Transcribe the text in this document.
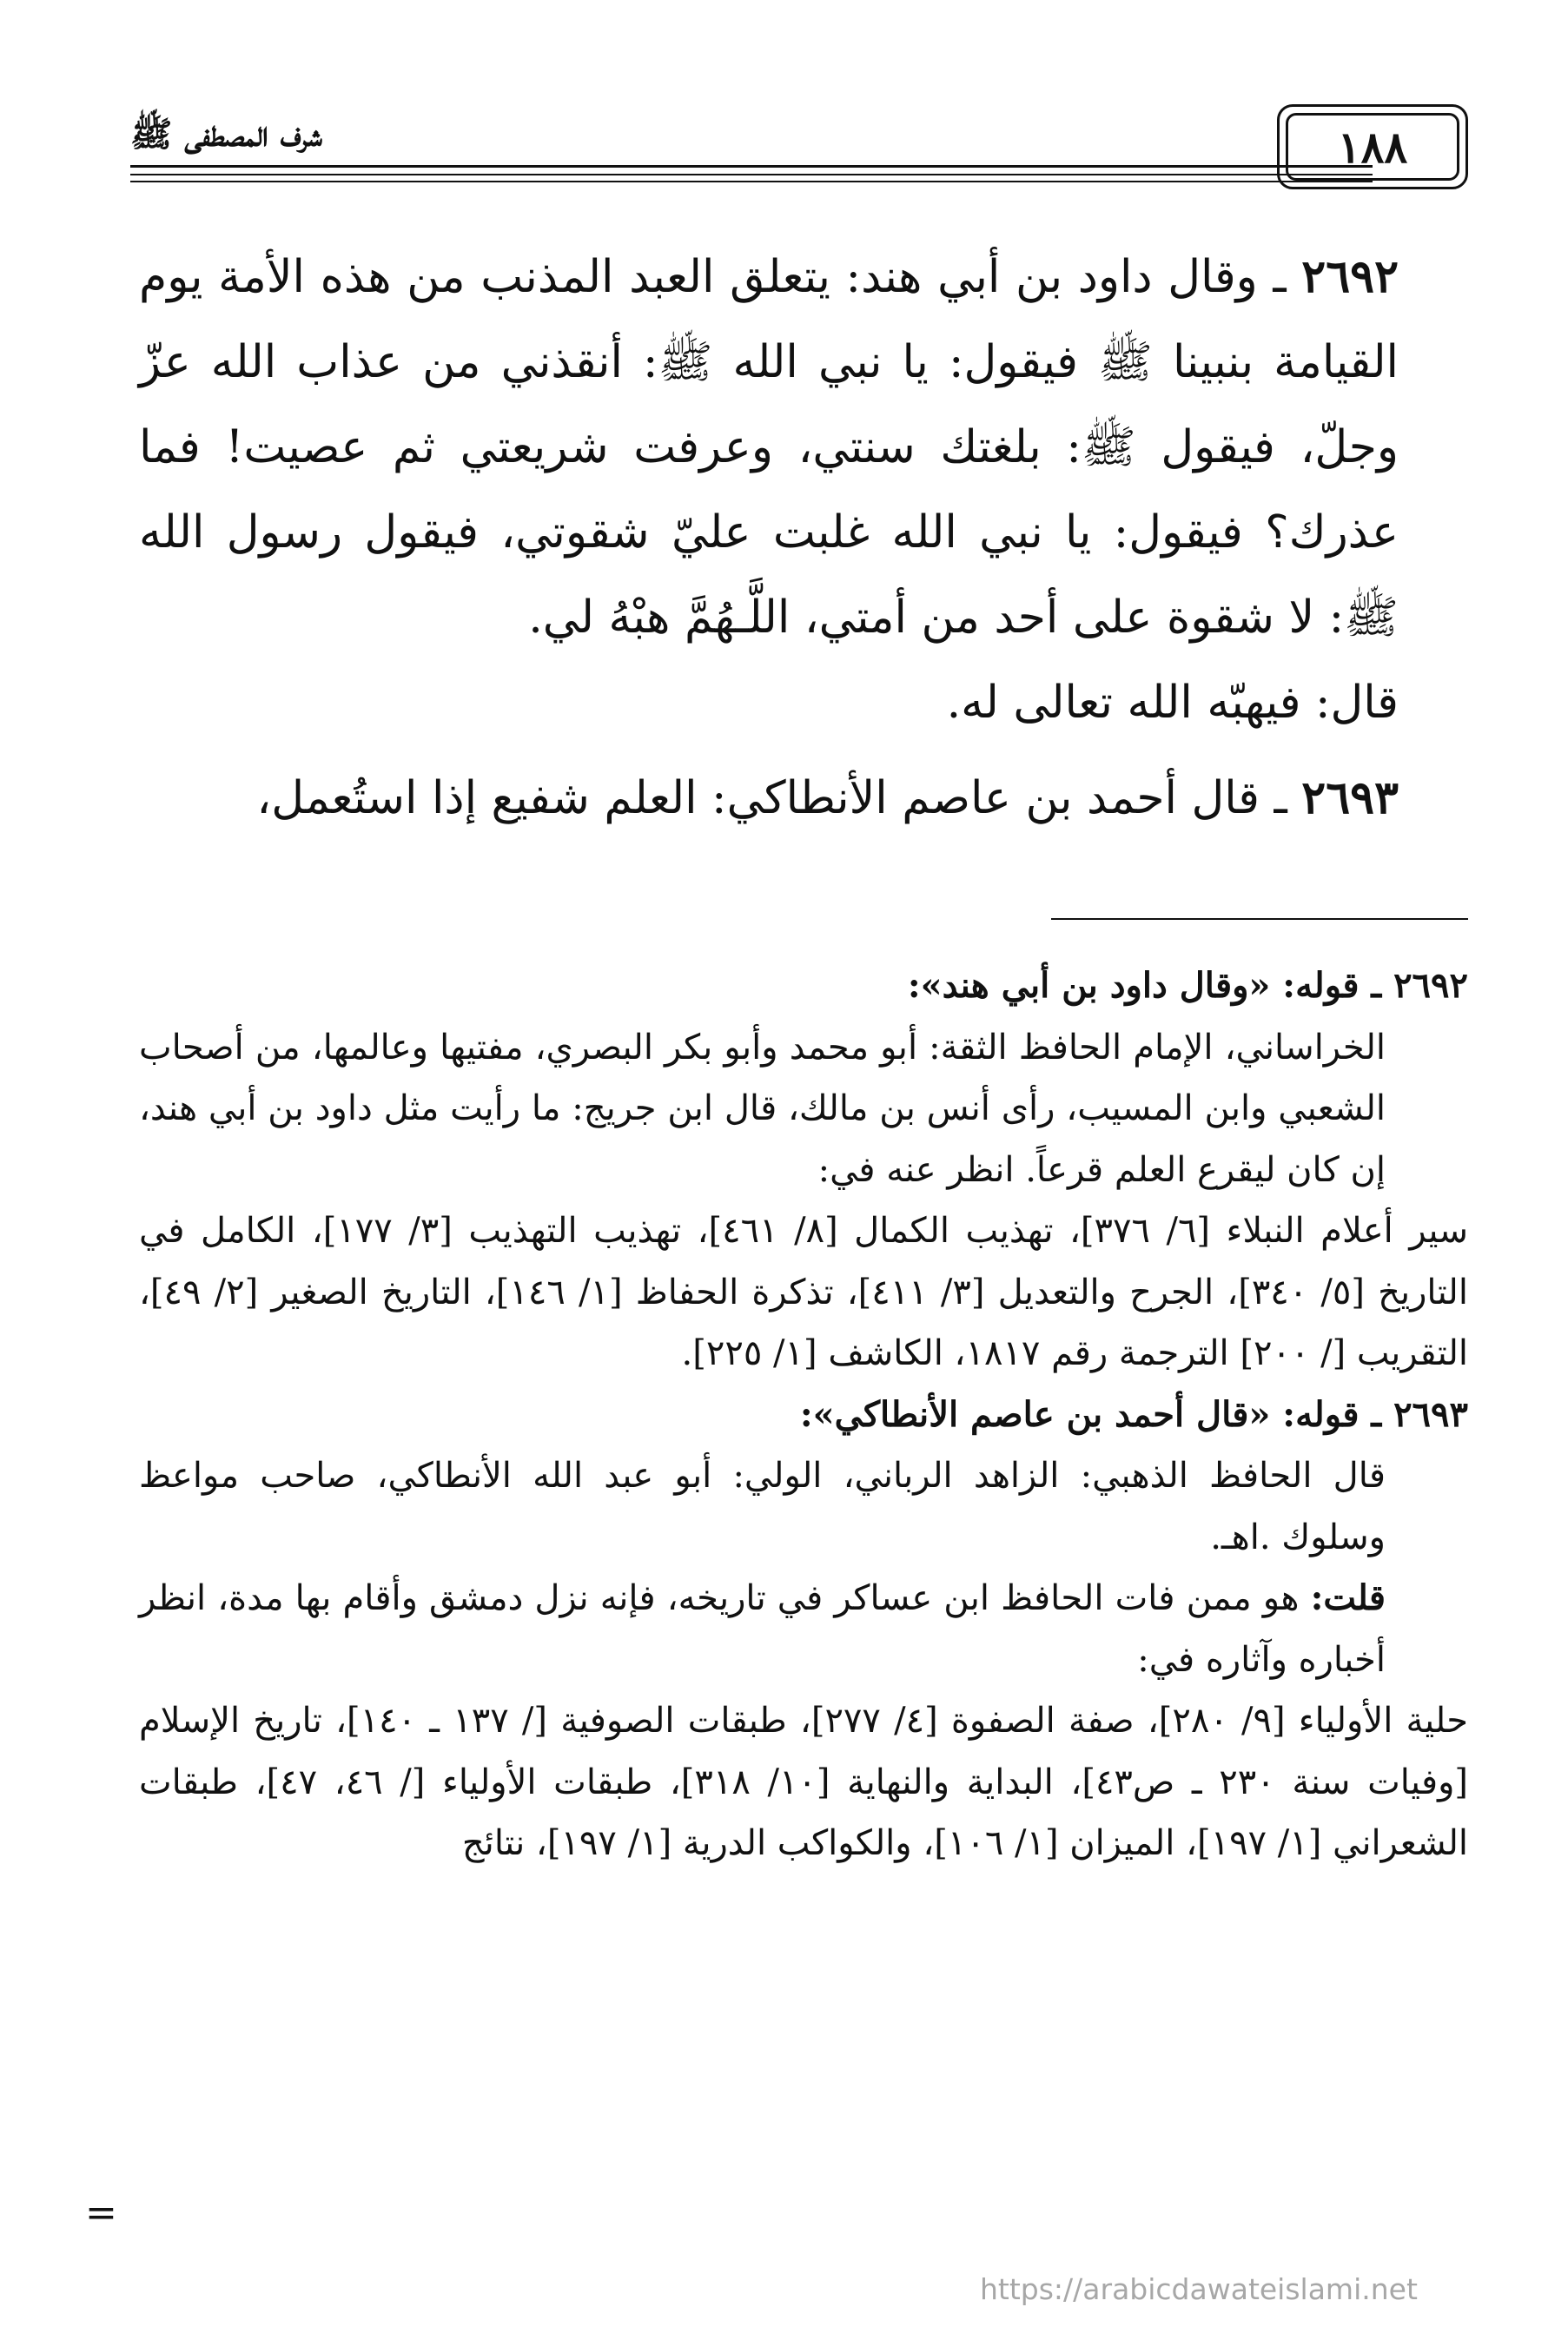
شرف المصطفى ﷺ	١٨٨

٢٦٩٢ ـ وقال داود بن أبي هند: يتعلق العبد المذنب من هذه الأمة يوم القيامة بنبينا ﷺ فيقول: يا نبي الله ﷺ: أنقذني من عذاب الله عزّ وجلّ، فيقول ﷺ: بلغتك سنتي، وعرفت شريعتي ثم عصيت! فما عذرك؟ فيقول: يا نبي الله غلبت عليّ شقوتي، فيقول رسول الله ﷺ: لا شقوة على أحد من أمتي، اللَّـهُمَّ هبْهُ لي.

قال: فيهبّه الله تعالى له.

٢٦٩٣ ـ قال أحمد بن عاصم الأنطاكي: العلم شفيع إذا استُعمل،

٢٦٩٢ ـ قوله: «وقال داود بن أبي هند»:

الخراساني، الإمام الحافظ الثقة: أبو محمد وأبو بكر البصري، مفتيها وعالمها، من أصحاب الشعبي وابن المسيب، رأى أنس بن مالك، قال ابن جريج: ما رأيت مثل داود بن أبي هند، إن كان ليقرع العلم قرعاً. انظر عنه في:

سير أعلام النبلاء [٦/ ٣٧٦]، تهذيب الكمال [٨/ ٤٦١]، تهذيب التهذيب [٣/ ١٧٧]، الكامل في التاريخ [٥/ ٣٤٠]، الجرح والتعديل [٣/ ٤١١]، تذكرة الحفاظ [١/ ١٤٦]، التاريخ الصغير [٢/ ٤٩]، التقريب [/ ٢٠٠] الترجمة رقم ١٨١٧، الكاشف [١/ ٢٢٥].

٢٦٩٣ ـ قوله: «قال أحمد بن عاصم الأنطاكي»:

قال الحافظ الذهبي: الزاهد الرباني، الولي: أبو عبد الله الأنطاكي، صاحب مواعظ وسلوك .اهـ.

قلت: هو ممن فات الحافظ ابن عساكر في تاريخه، فإنه نزل دمشق وأقام بها مدة، انظر أخباره وآثاره في:

حلية الأولياء [٩/ ٢٨٠]، صفة الصفوة [٤/ ٢٧٧]، طبقات الصوفية [/ ١٣٧ ـ ١٤٠]، تاريخ الإسلام [وفيات سنة ٢٣٠ ـ ص٤٣]، البداية والنهاية [١٠/ ٣١٨]، طبقات الأولياء [/ ٤٦، ٤٧]، طبقات الشعراني [١/ ١٩٧]، الميزان [١/ ١٠٦]، والكواكب الدرية [١/ ١٩٧]، نتائج

=
https://arabicdawateislami.net
